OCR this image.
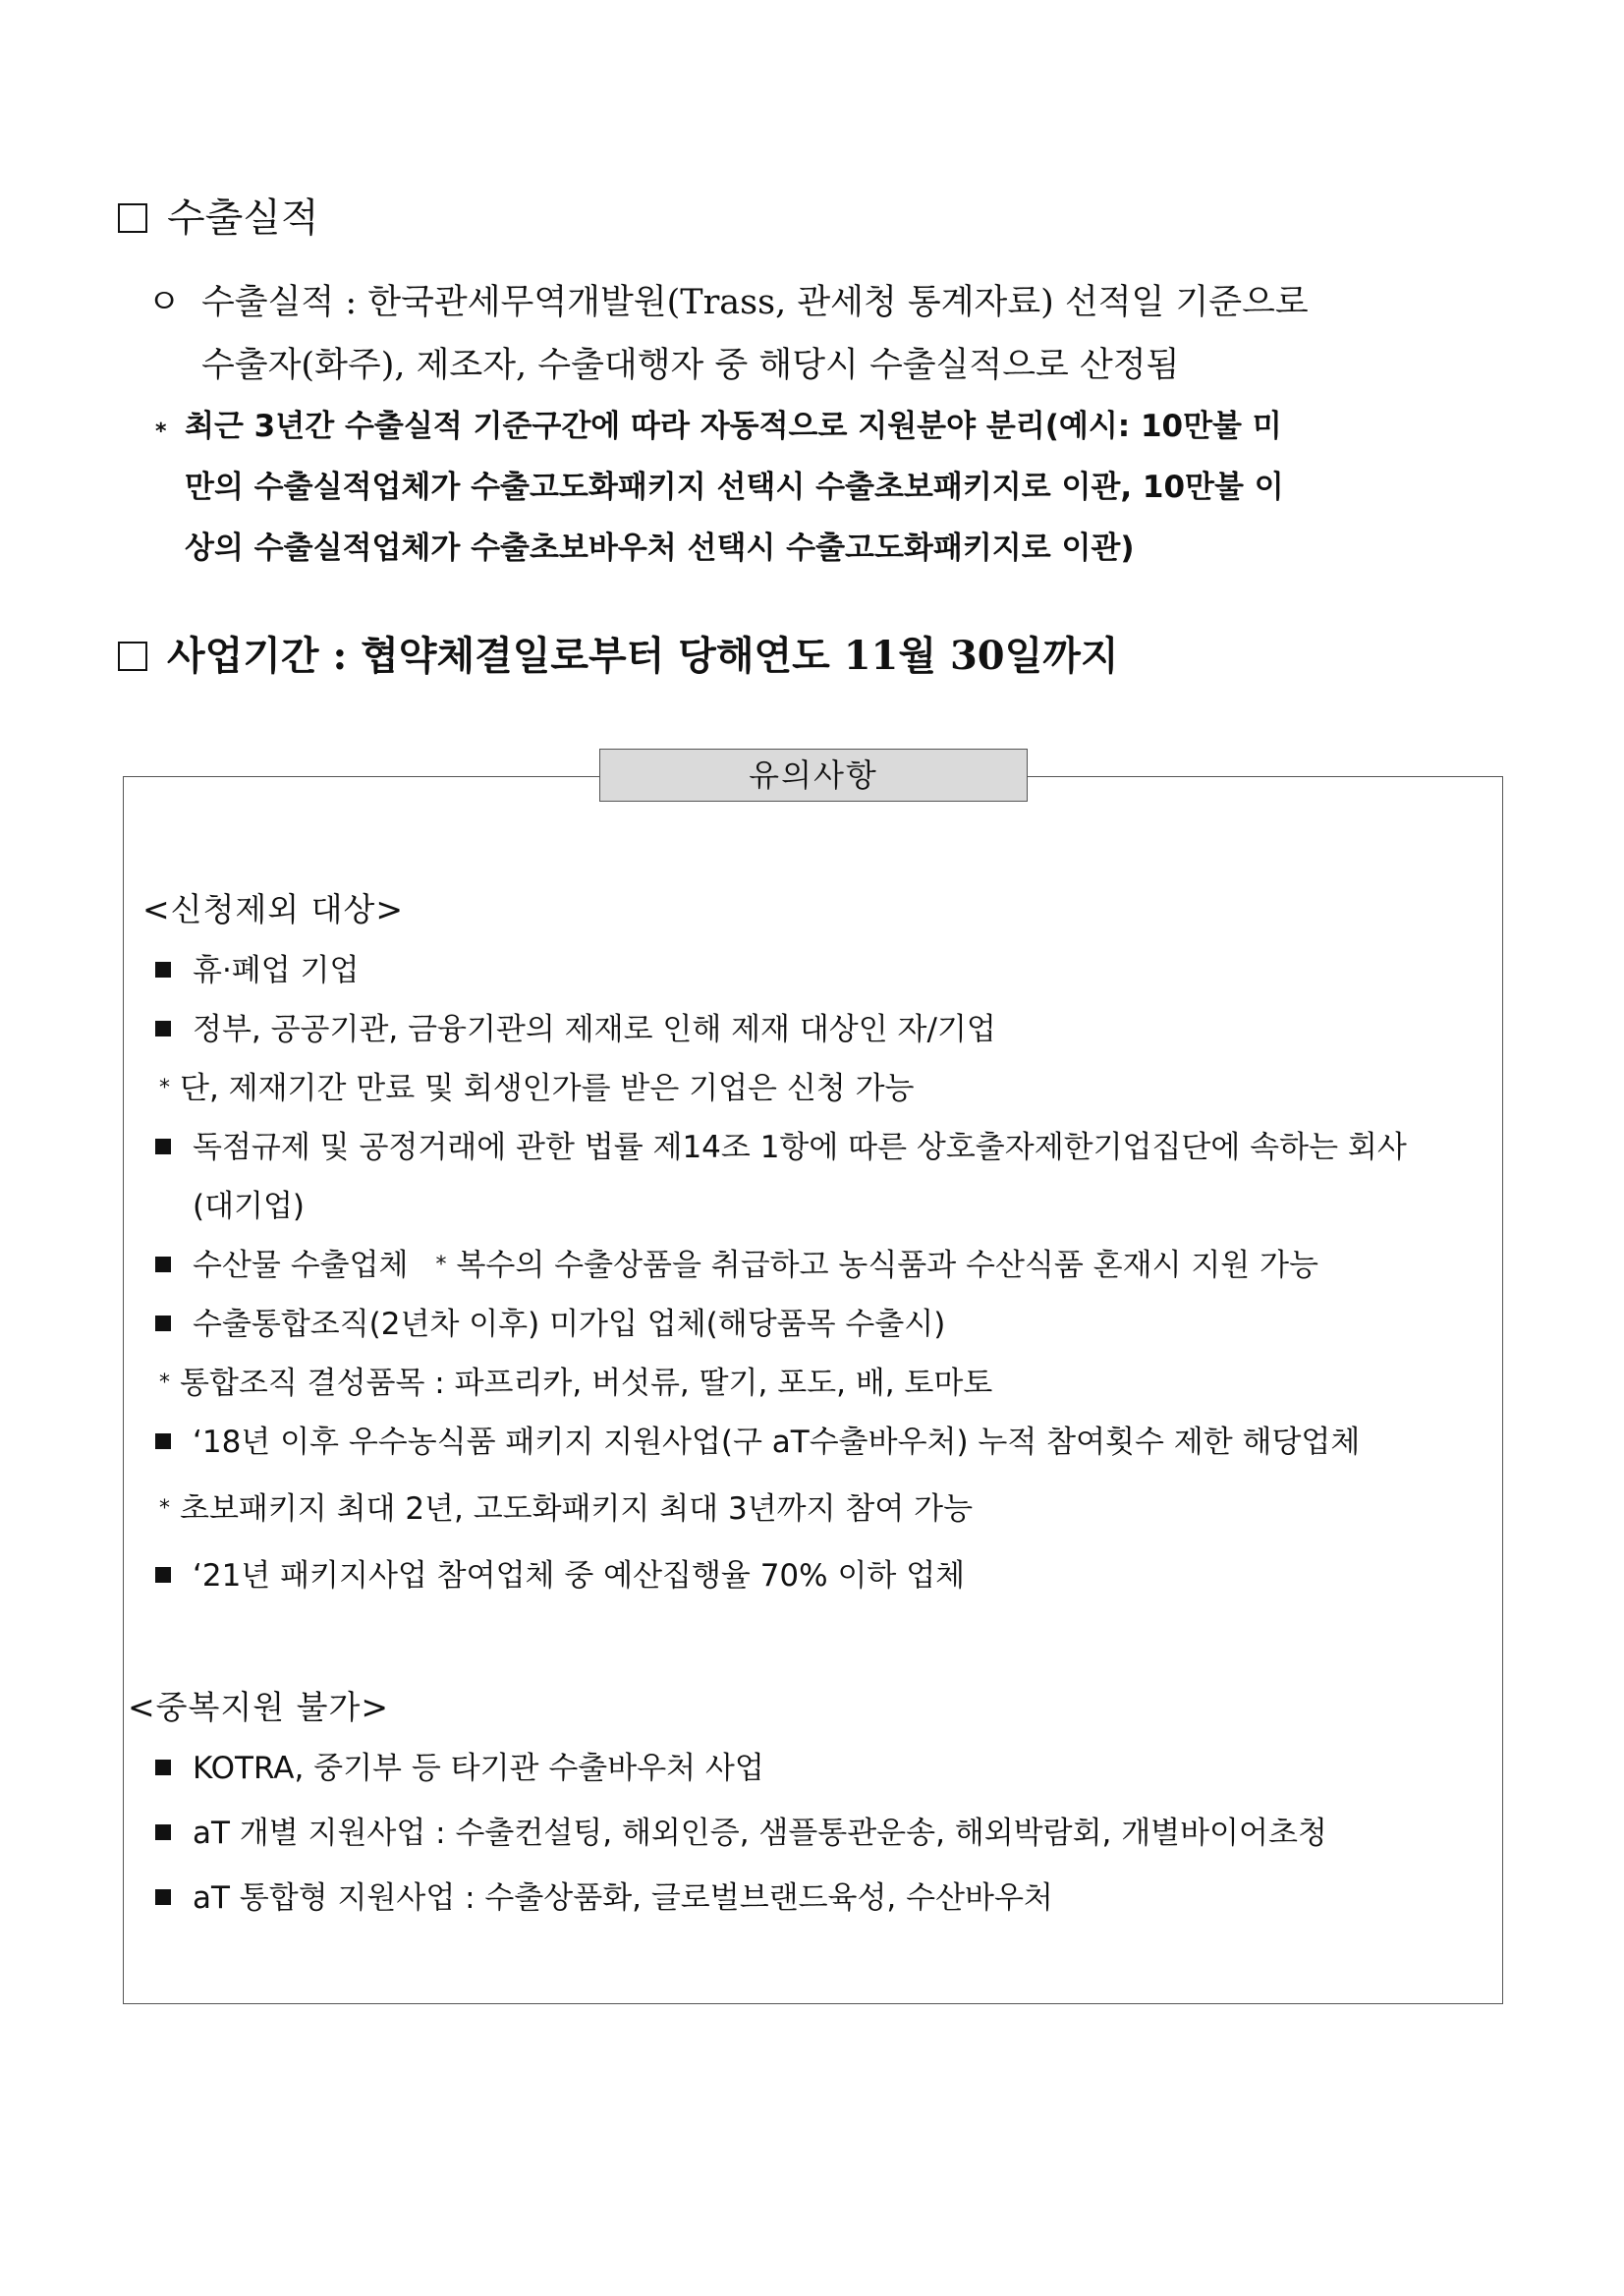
수출실적
ㅇ 수출실적 : 한국관세무역개발원(Trass, 관세청 통계자료) 선적일 기준으로
수출자(화주), 제조자, 수출대행자 중 해당시 수출실적으로 산정됨
* 최근 3년간 수출실적 기준구간에 따라 자동적으로 지원분야 분리(예시: 10만불 미
만의 수출실적업체가 수출고도화패키지 선택시 수출초보패키지로 이관, 10만불 이
상의 수출실적업체가 수출초보바우처 선택시 수출고도화패키지로 이관)
사업기간 : 협약체결일로부터 당해연도 11월 30일까지
유의사항
<신청제외 대상>
휴·폐업 기업
정부, 공공기관, 금융기관의 제재로 인해 제재 대상인 자/기업
* 단, 제재기간 만료 및 회생인가를 받은 기업은 신청 가능
독점규제 및 공정거래에 관한 법률 제14조 1항에 따른 상호출자제한기업집단에 속하는 회사
(대기업)
수산물 수출업체 * 복수의 수출상품을 취급하고 농식품과 수산식품 혼재시 지원 가능
수출통합조직(2년차 이후) 미가입 업체(해당품목 수출시)
* 통합조직 결성품목 : 파프리카, 버섯류, 딸기, 포도, 배, 토마토
‘18년 이후 우수농식품 패키지 지원사업(구 aT수출바우처) 누적 참여횟수 제한 해당업체
* 초보패키지 최대 2년, 고도화패키지 최대 3년까지 참여 가능
‘21년 패키지사업 참여업체 중 예산집행율 70% 이하 업체
<중복지원 불가>
KOTRA, 중기부 등 타기관 수출바우처 사업
aT 개별 지원사업 : 수출컨설팅, 해외인증, 샘플통관운송, 해외박람회, 개별바이어초청
aT 통합형 지원사업 : 수출상품화, 글로벌브랜드육성, 수산바우처
